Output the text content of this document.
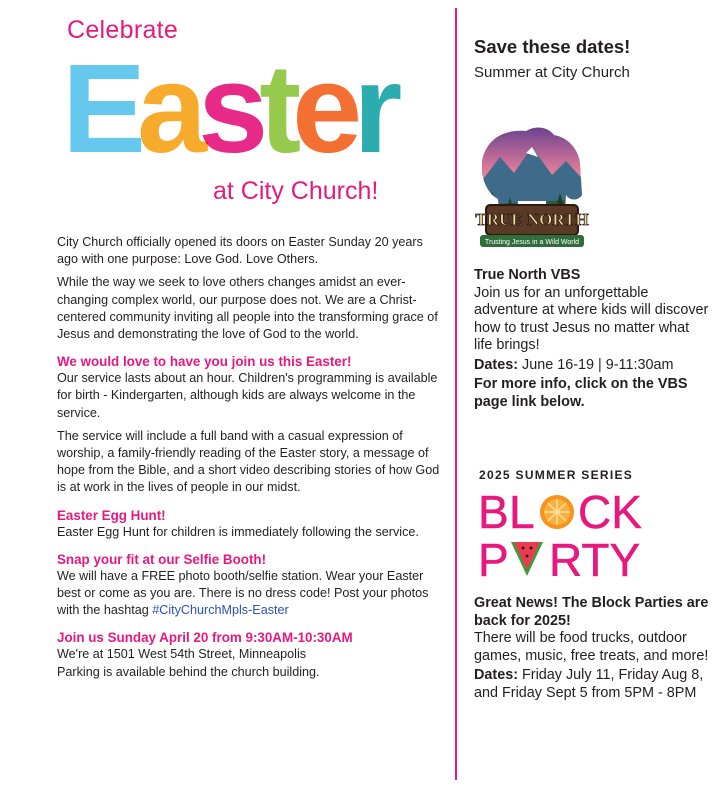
Celebrate
Easter
at City Church!

City Church officially opened its doors on Easter Sunday 20 years ago with one purpose: Love God. Love Others.

While the way we seek to love others changes amidst an ever-changing complex world, our purpose does not. We are a Christ-centered community inviting all people into the transforming grace of Jesus and demonstrating the love of God to the world.

We would love to have you join us this Easter!

Our service lasts about an hour. Children's programming is available for birth - Kindergarten, although kids are always welcome in the service.

The service will include a full band with a casual expression of worship, a family-friendly reading of the Easter story, a message of hope from the Bible, and a short video describing stories of how God is at work in the lives of people in our midst.

Easter Egg Hunt!

Easter Egg Hunt for children is immediately following the service.

Snap your fit at our Selfie Booth!

We will have a FREE photo booth/selfie station. Wear your Easter best or come as you are. There is no dress code! Post your photos with the hashtag #CityChurchMpls-Easter

Join us Sunday April 20 from 9:30AM-10:30AM

We're at 1501 West 54th Street, Minneapolis
Parking is available behind the church building.

Save these dates!
Summer at City Church
TRUE NORTH
Trusting Jesus in a Wild World
True North VBS
Join us for an unforgettable adventure at where kids will discover how to trust Jesus no matter what life brings!
Dates: June 16-19 | 9-11:30am
For more info, click on the VBS page link below.
2025 SUMMER SERIES
B L CK
P RTY
Great News! The Block Parties are back for 2025!
There will be food trucks, outdoor games, music, free treats, and more!
Dates: Friday July 11, Friday Aug 8, and Friday Sept 5 from 5PM - 8PM
